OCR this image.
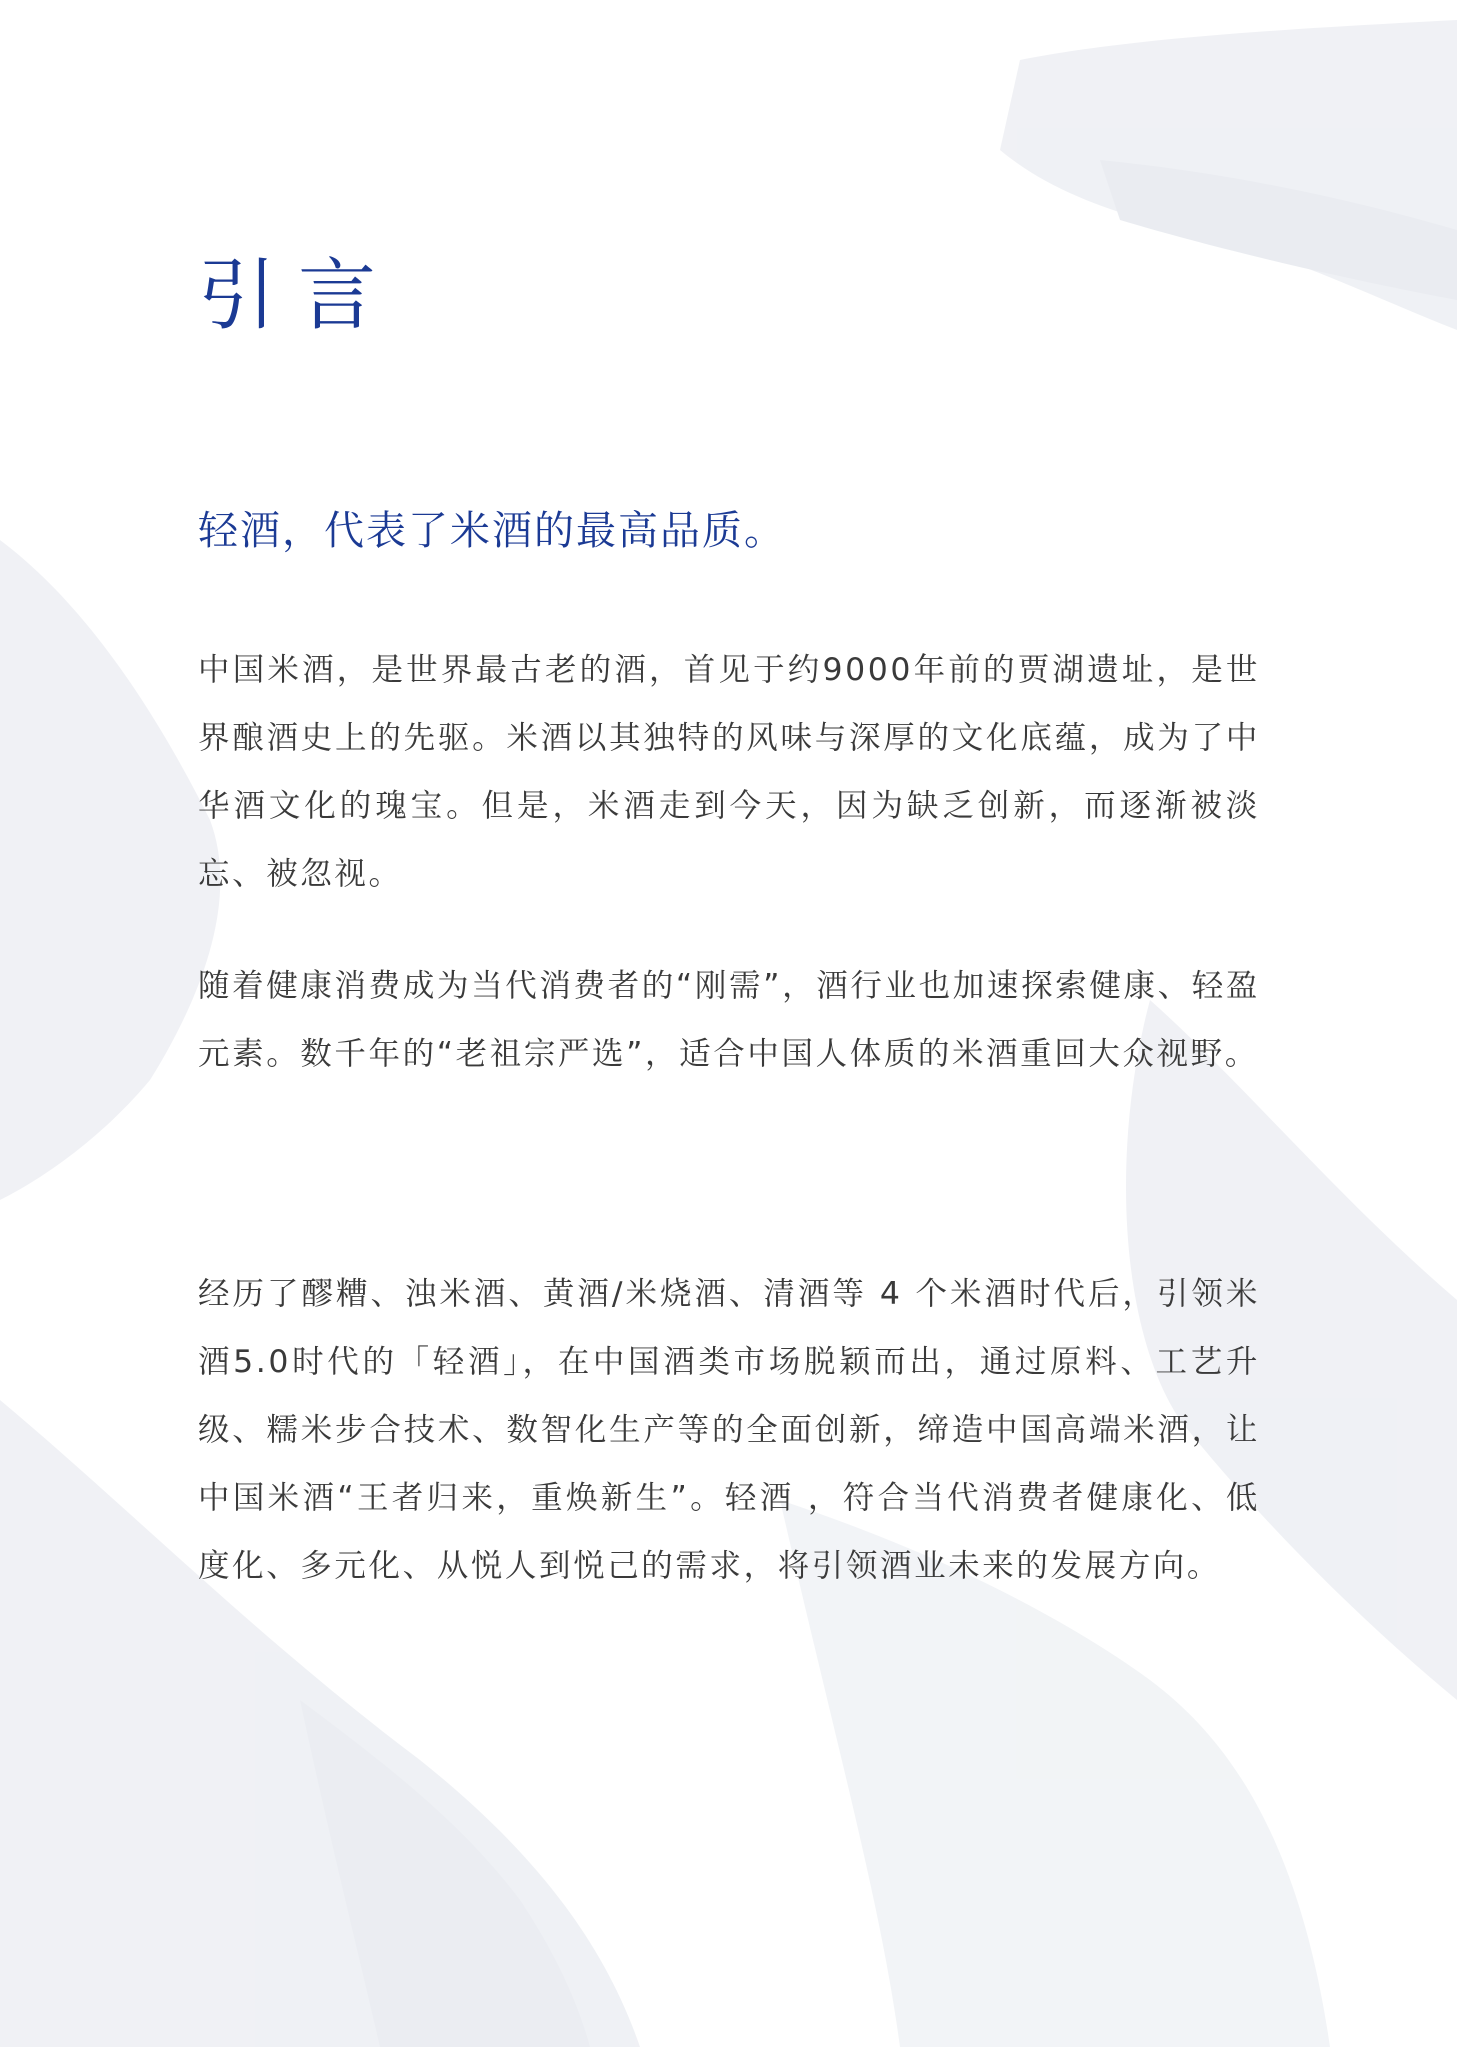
引言
轻酒，代表了米酒的最高品质。

中国米酒，是世界最古老的酒，首见于约9000年前的贾湖遗址，是世界酿酒史上的先驱。米酒以其独特的风味与深厚的文化底蕴，成为了中华酒文化的瑰宝。但是，米酒走到今天，因为缺乏创新，而逐渐被淡忘、被忽视。

随着健康消费成为当代消费者的“刚需”，酒行业也加速探索健康、轻盈元素。数千年的“老祖宗严选”，适合中国人体质的米酒重回大众视野。

经历了醪糟、浊米酒、黄酒/米烧酒、清酒等 4 个米酒时代后，引领米酒5.0时代的「轻酒」，在中国酒类市场脱颖而出，通过原料、工艺升级、糯米步合技术、数智化生产等的全面创新，缔造中国高端米酒，让中国米酒“王者归来，重焕新生”。轻酒 ，符合当代消费者健康化、低度化、多元化、从悦人到悦己的需求，将引领酒业未来的发展方向。
